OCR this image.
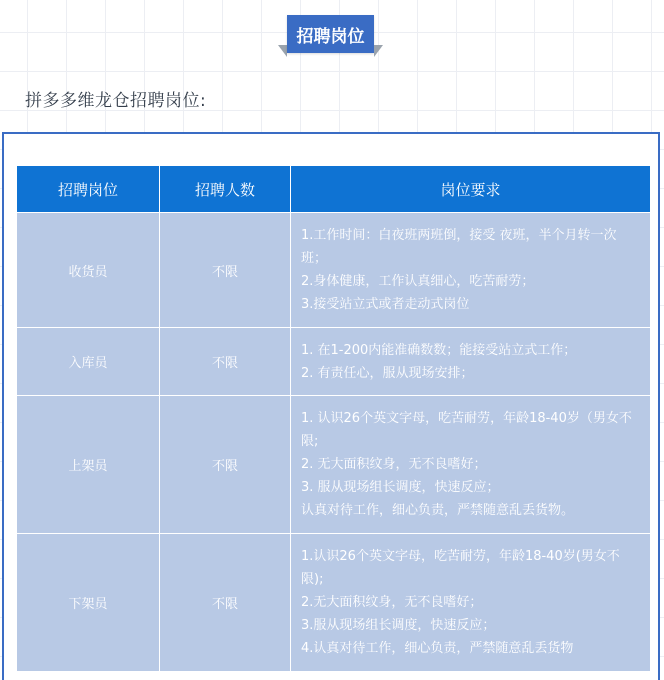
招聘岗位
拼多多维龙仓招聘岗位:
招聘岗位	招聘人数	岗位要求
收货员	不限	1.工作时间：白夜班两班倒，接受 夜班，半个月转一次班；
2.身体健康，工作认真细心，吃苦耐劳；
3.接受站立式或者走动式岗位

入库员	不限	1. 在1-200内能准确数数；能接受站立式工作；
2. 有责任心，服从现场安排；

上架员	不限	1. 认识26个英文字母，吃苦耐劳，年龄18-40岁（男女不限;
2. 无大面积纹身，无不良嗜好；
3. 服从现场组长调度，快速反应；
认真对待工作，细心负责，严禁随意乱丢货物。

下架员	不限	1.认识26个英文字母，吃苦耐劳，年龄18-40岁(男女不限);
2.无大面积纹身，无不良嗜好；
3.服从现场组长调度，快速反应；
4.认真对待工作，细心负责，严禁随意乱丢货物
